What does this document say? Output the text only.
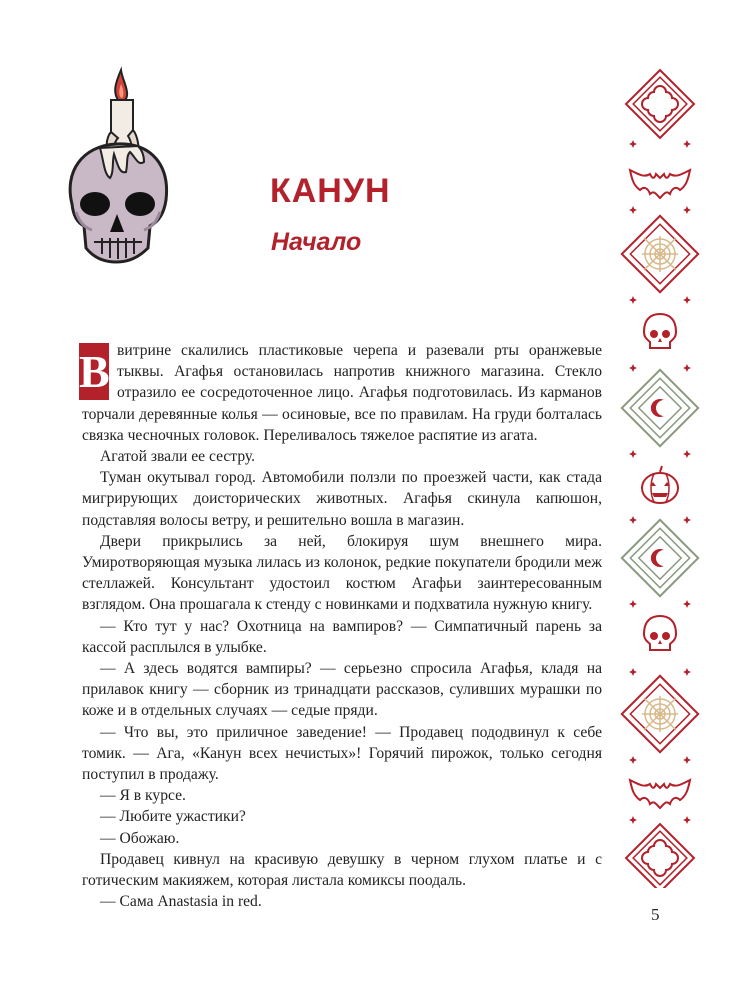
КАНУН
Начало

В витрине скалились пластиковые черепа и разевали рты оранжевые тыквы. Агафья остановилась напротив книжного магазина. Стекло отразило ее сосредоточенное лицо. Агафья подготовилась. Из карманов торчали деревянные колья — осиновые, все по правилам. На груди болталась связка чесночных головок. Переливалось тяжелое распятие из агата.

Агатой звали ее сестру.

Туман окутывал город. Автомобили ползли по проезжей части, как стада мигрирующих доисторических животных. Агафья скинула капюшон, подставляя волосы ветру, и решительно вошла в магазин.

Двери прикрылись за ней, блокируя шум внешнего мира. Умиротворяющая музыка лилась из колонок, редкие покупатели бродили меж стеллажей. Консультант удостоил костюм Агафьи заинтересованным взглядом. Она прошагала к стенду с новинками и подхватила нужную книгу.

— Кто тут у нас? Охотница на вампиров? — Симпатичный парень за кассой расплылся в улыбке.

— А здесь водятся вампиры? — серьезно спросила Агафья, кладя на прилавок книгу — сборник из тринадцати рассказов, суливших мурашки по коже и в отдельных случаях — седые пряди.

— Что вы, это приличное заведение! — Продавец пододвинул к себе томик. — Ага, «Канун всех нечистых»! Горячий пирожок, только сегодня поступил в продажу.

— Я в курсе.

— Любите ужастики?

— Обожаю.

Продавец кивнул на красивую девушку в черном глухом платье и с готическим макияжем, которая листала комиксы поодаль.

— Сама Anastasia in red.

5
